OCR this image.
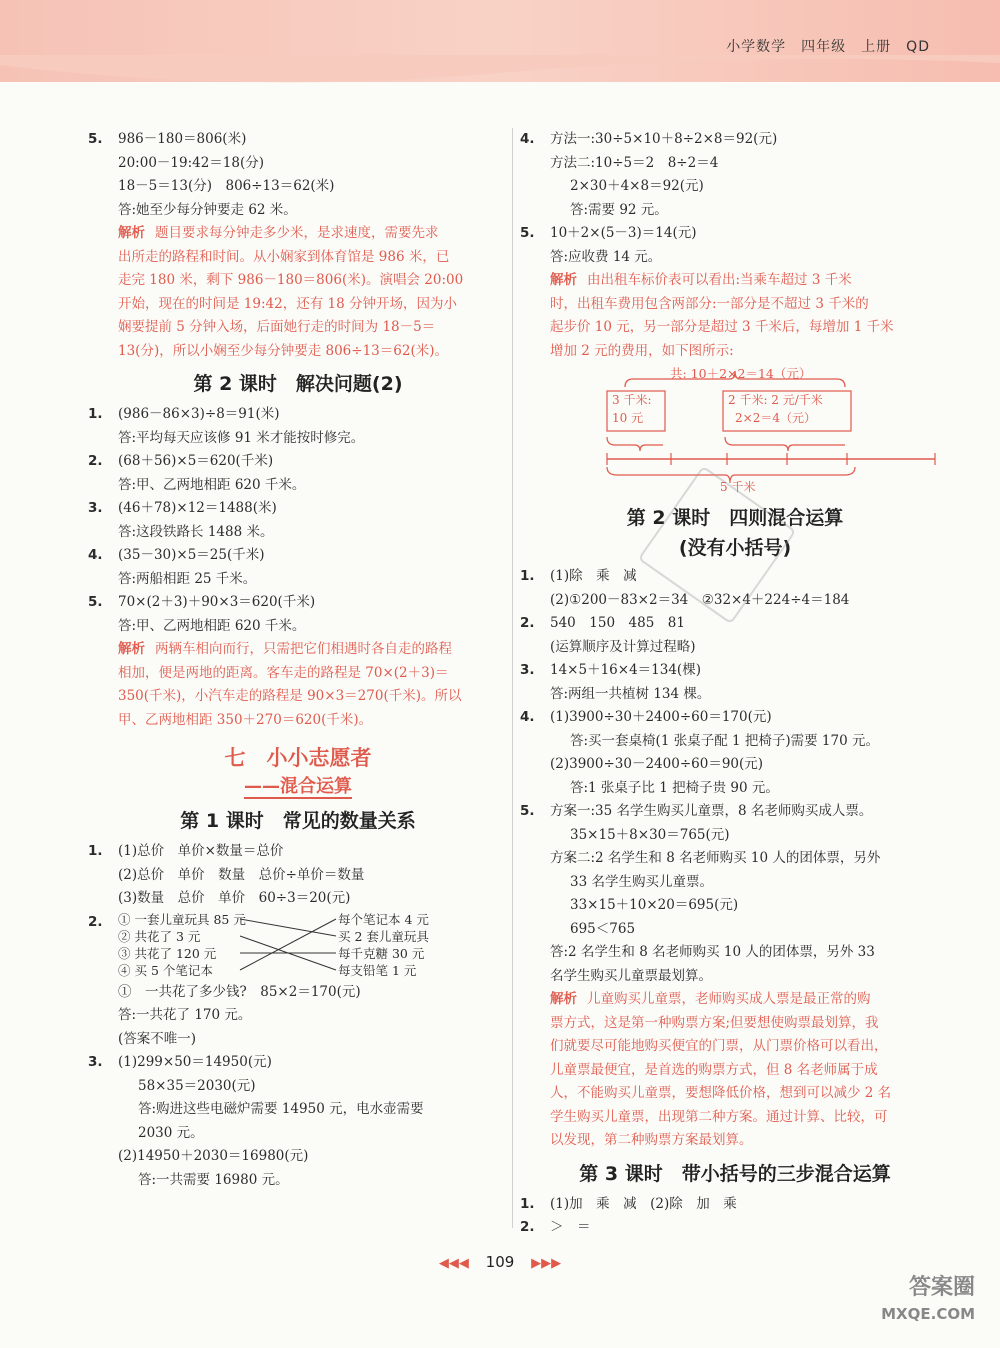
小学数学　四年级　上册　QD
5. 986－180＝806(米)
20:00－19:42＝18(分)
18－5＝13(分)　806÷13＝62(米)
答:她至少每分钟要走 62 米。
解析 题目要求每分钟走多少米，是求速度，需要先求
出所走的路程和时间。从小娴家到体育馆是 986 米，已
走完 180 米，剩下 986－180＝806(米)。演唱会 20:00
开始，现在的时间是 19:42，还有 18 分钟开场，因为小
娴要提前 5 分钟入场，后面她行走的时间为 18－5＝
13(分)，所以小娴至少每分钟要走 806÷13＝62(米)。
第 2 课时　解决问题(2)
1. (986－86×3)÷8＝91(米)
答:平均每天应该修 91 米才能按时修完。
2. (68＋56)×5＝620(千米)
答:甲、乙两地相距 620 千米。
3. (46＋78)×12＝1488(米)
答:这段铁路长 1488 米。
4. (35－30)×5＝25(千米)
答:两船相距 25 千米。
5. 70×(2＋3)＋90×3＝620(千米)
答:甲、乙两地相距 620 千米。
解析 两辆车相向而行，只需把它们相遇时各自走的路程
相加，便是两地的距离。客车走的路程是 70×(2＋3)＝
350(千米)，小汽车走的路程是 90×3＝270(千米)。所以
甲、乙两地相距 350＋270＝620(千米)。
七　小小志愿者
——混合运算
第 1 课时　常见的数量关系
1. (1)总价　单价×数量＝总价
(2)总价　单价　数量　总价÷单价＝数量
(3)数量　总价　单价　60÷3＝20(元)
2. ① 一套儿童玩具 85 元
② 共花了 3 元
③ 共花了 120 元
④ 买 5 个笔记本
每个笔记本 4 元
买 2 套儿童玩具
每千克糖 30 元
每支铅笔 1 元
①　一共花了多少钱?　85×2＝170(元)
答:一共花了 170 元。
(答案不唯一)
3. (1)299×50＝14950(元)
58×35＝2030(元)
答:购进这些电磁炉需要 14950 元，电水壶需要
2030 元。
(2)14950＋2030＝16980(元)
答:一共需要 16980 元。
4. 方法一:30÷5×10＋8÷2×8＝92(元)
方法二:10÷5＝2　8÷2＝4
2×30＋4×8＝92(元)
答:需要 92 元。
5. 10＋2×(5－3)＝14(元)
答:应收费 14 元。
解析 由出租车标价表可以看出:当乘车超过 3 千米
时，出租车费用包含两部分:一部分是不超过 3 千米的
起步价 10 元，另一部分是超过 3 千米后，每增加 1 千米
增加 2 元的费用，如下图所示:
共: 10＋2×2＝14（元）
3 千米:
10 元
2 千米: 2 元/千米
2×2＝4（元）
5 千米
第 2 课时　四则混合运算
(没有小括号)
1. (1)除　乘　减
(2)①200－83×2＝34　②32×4＋224÷4＝184
2. 540　150　485　81
(运算顺序及计算过程略)
3. 14×5＋16×4＝134(棵)
答:两组一共植树 134 棵。
4. (1)3900÷30＋2400÷60＝170(元)
答:买一套桌椅(1 张桌子配 1 把椅子)需要 170 元。
(2)3900÷30－2400÷60＝90(元)
答:1 张桌子比 1 把椅子贵 90 元。
5. 方案一:35 名学生购买儿童票，8 名老师购买成人票。
35×15＋8×30＝765(元)
方案二:2 名学生和 8 名老师购买 10 人的团体票，另外
33 名学生购买儿童票。
33×15＋10×20＝695(元)
695＜765
答:2 名学生和 8 名老师购买 10 人的团体票，另外 33
名学生购买儿童票最划算。
解析 儿童购买儿童票，老师购买成人票是最正常的购
票方式，这是第一种购票方案;但要想使购票最划算，我
们就要尽可能地购买便宜的门票，从门票价格可以看出，
儿童票最便宜，是首选的购票方式，但 8 名老师属于成
人，不能购买儿童票，要想降低价格，想到可以减少 2 名
学生购买儿童票，出现第二种方案。通过计算、比较，可
以发现，第二种购票方案最划算。
第 3 课时　带小括号的三步混合运算
1. (1)加　乘　减　(2)除　加　乘
2. ＞　＝
◀◀◀ 109 ▶▶▶
答案圈
MXQE.COM
